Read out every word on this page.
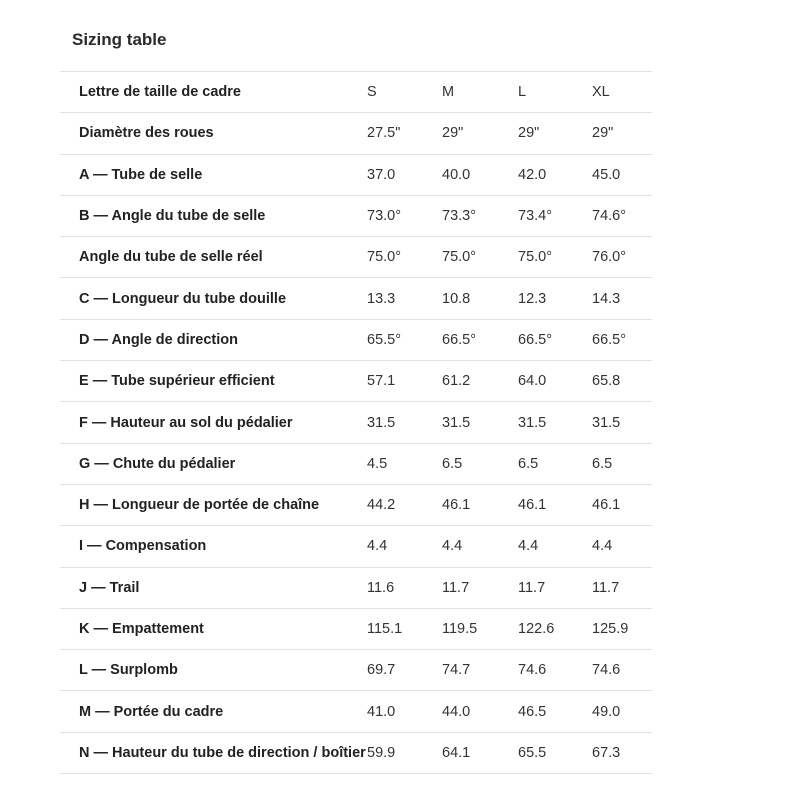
Sizing table
Lettre de taille de cadre	S	M	L	XL
Diamètre des roues	27.5"	29"	29"	29"
A — Tube de selle	37.0	40.0	42.0	45.0
B — Angle du tube de selle	73.0°	73.3°	73.4°	74.6°
Angle du tube de selle réel	75.0°	75.0°	75.0°	76.0°
C — Longueur du tube douille	13.3	10.8	12.3	14.3
D — Angle de direction	65.5°	66.5°	66.5°	66.5°
E — Tube supérieur efficient	57.1	61.2	64.0	65.8
F — Hauteur au sol du pédalier	31.5	31.5	31.5	31.5
G — Chute du pédalier	4.5	6.5	6.5	6.5
H — Longueur de portée de chaîne	44.2	46.1	46.1	46.1
I — Compensation	4.4	4.4	4.4	4.4
J — Trail	11.6	11.7	11.7	11.7
K — Empattement	115.1	119.5	122.6	125.9
L — Surplomb	69.7	74.7	74.6	74.6
M — Portée du cadre	41.0	44.0	46.5	49.0
N — Hauteur du tube de direction / boîtier 59.9	64.1	65.5	67.3
